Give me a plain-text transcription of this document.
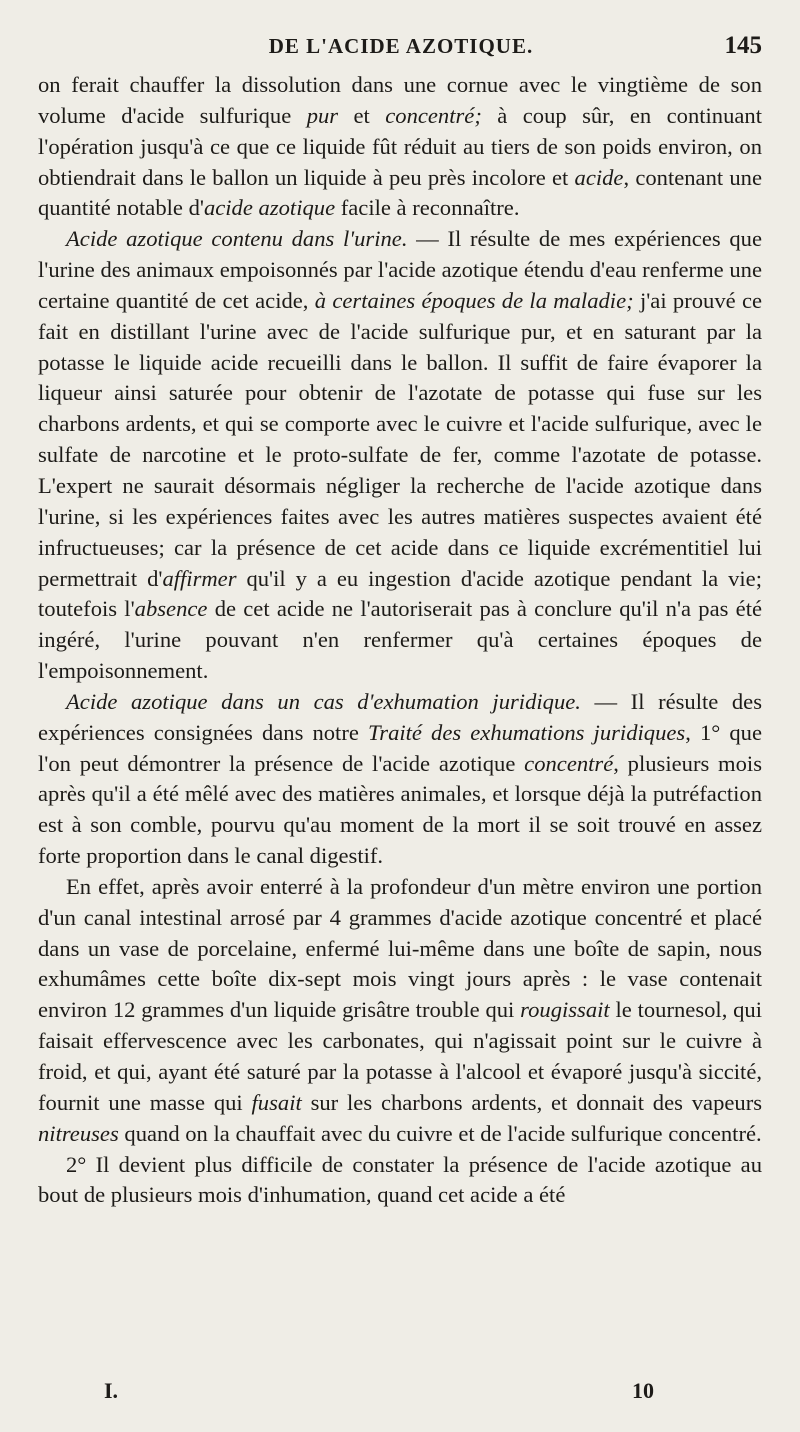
DE L'ACIDE AZOTIQUE.	145

on ferait chauffer la dissolution dans une cornue avec le vingtième de son volume d'acide sulfurique pur et concentré; à coup sûr, en continuant l'opération jusqu'à ce que ce liquide fût réduit au tiers de son poids environ, on obtiendrait dans le ballon un liquide à peu près incolore et acide, contenant une quantité notable d'acide azotique facile à reconnaître.

Acide azotique contenu dans l'urine. — Il résulte de mes expériences que l'urine des animaux empoisonnés par l'acide azotique étendu d'eau renferme une certaine quantité de cet acide, à certaines époques de la maladie; j'ai prouvé ce fait en distillant l'urine avec de l'acide sulfurique pur, et en saturant par la potasse le liquide acide recueilli dans le ballon. Il suffit de faire évaporer la liqueur ainsi saturée pour obtenir de l'azotate de potasse qui fuse sur les charbons ardents, et qui se comporte avec le cuivre et l'acide sulfurique, avec le sulfate de narcotine et le proto-sulfate de fer, comme l'azotate de potasse. L'expert ne saurait désormais négliger la recherche de l'acide azotique dans l'urine, si les expériences faites avec les autres matières suspectes avaient été infructueuses; car la présence de cet acide dans ce liquide excrémentitiel lui permettrait d'affirmer qu'il y a eu ingestion d'acide azotique pendant la vie; toutefois l'absence de cet acide ne l'autoriserait pas à conclure qu'il n'a pas été ingéré, l'urine pouvant n'en renfermer qu'à certaines époques de l'empoisonnement.

Acide azotique dans un cas d'exhumation juridique. — Il résulte des expériences consignées dans notre Traité des exhumations juridiques, 1° que l'on peut démontrer la présence de l'acide azotique concentré, plusieurs mois après qu'il a été mêlé avec des matières animales, et lorsque déjà la putréfaction est à son comble, pourvu qu'au moment de la mort il se soit trouvé en assez forte proportion dans le canal digestif.

En effet, après avoir enterré à la profondeur d'un mètre environ une portion d'un canal intestinal arrosé par 4 grammes d'acide azotique concentré et placé dans un vase de porcelaine, enfermé lui-même dans une boîte de sapin, nous exhumâmes cette boîte dix-sept mois vingt jours après : le vase contenait environ 12 grammes d'un liquide grisâtre trouble qui rougissait le tournesol, qui faisait effervescence avec les carbonates, qui n'agissait point sur le cuivre à froid, et qui, ayant été saturé par la potasse à l'alcool et évaporé jusqu'à siccité, fournit une masse qui fusait sur les charbons ardents, et donnait des vapeurs nitreuses quand on la chauffait avec du cuivre et de l'acide sulfurique concentré.

2° Il devient plus difficile de constater la présence de l'acide azotique au bout de plusieurs mois d'inhumation, quand cet acide a été

I.	10
